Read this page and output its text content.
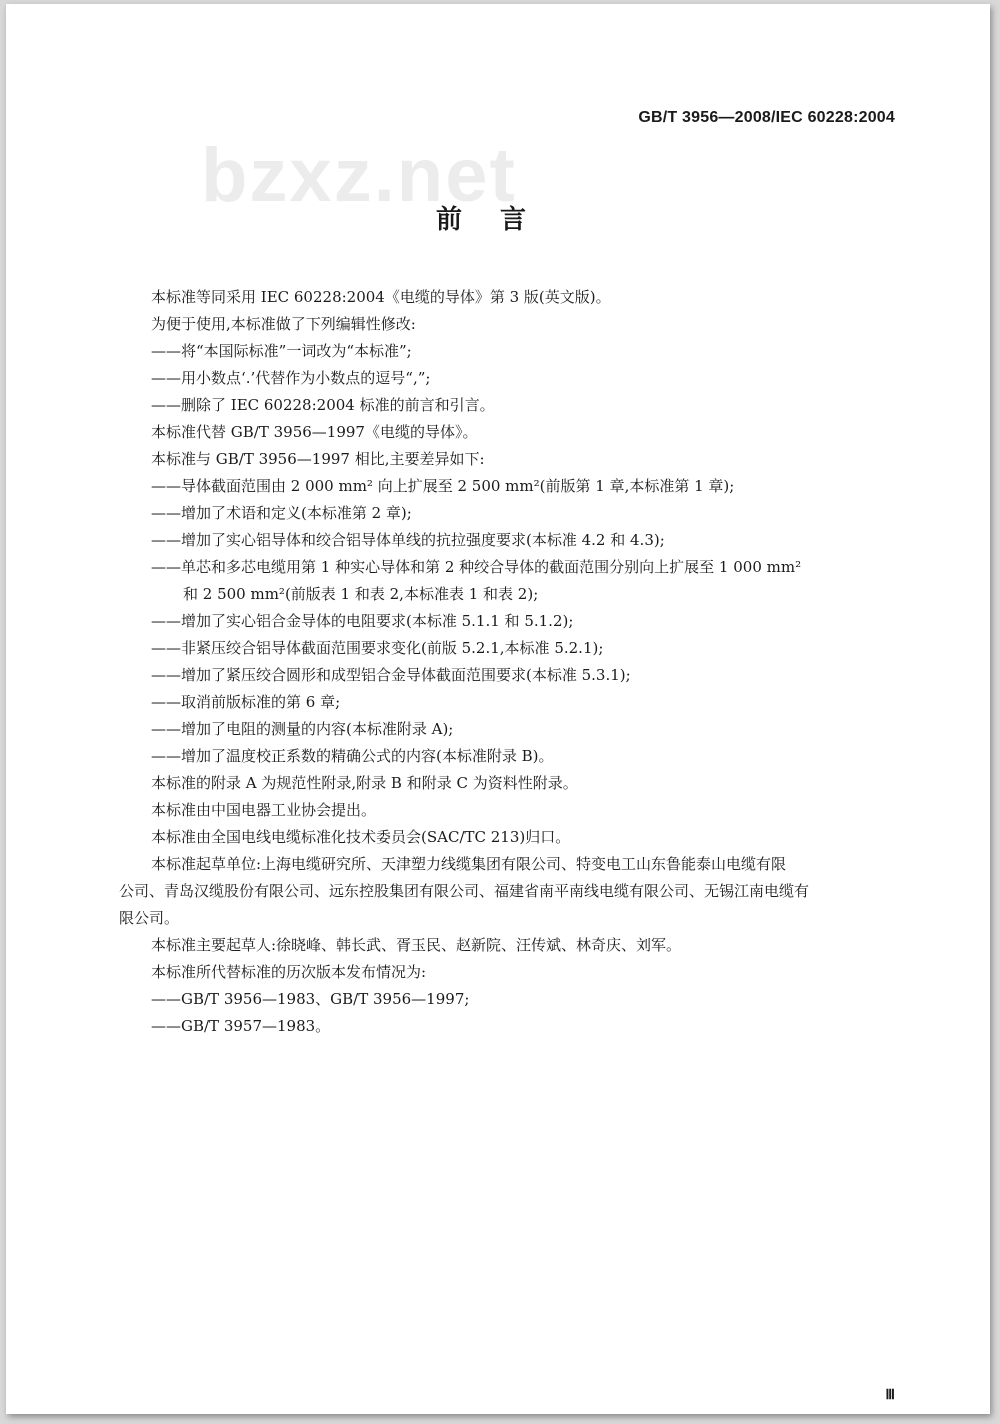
bzxz.net
GB/T 3956—2008/IEC 60228:2004
前言
本标准等同采用 IEC 60228:2004《电缆的导体》第 3 版(英文版)。
为便于使用,本标准做了下列编辑性修改:
——将“本国际标准”一词改为“本标准”;
——用小数点‘.’代替作为小数点的逗号“,”;
——删除了 IEC 60228:2004 标准的前言和引言。
本标准代替 GB/T 3956—1997《电缆的导体》。
本标准与 GB/T 3956—1997 相比,主要差异如下:
——导体截面范围由 2 000 mm² 向上扩展至 2 500 mm²(前版第 1 章,本标准第 1 章);
——增加了术语和定义(本标准第 2 章);
——增加了实心铝导体和绞合铝导体单线的抗拉强度要求(本标准 4.2 和 4.3);
——单芯和多芯电缆用第 1 种实心导体和第 2 种绞合导体的截面范围分别向上扩展至 1 000 mm²
和 2 500 mm²(前版表 1 和表 2,本标准表 1 和表 2);
——增加了实心铝合金导体的电阻要求(本标准 5.1.1 和 5.1.2);
——非紧压绞合铝导体截面范围要求变化(前版 5.2.1,本标准 5.2.1);
——增加了紧压绞合圆形和成型铝合金导体截面范围要求(本标准 5.3.1);
——取消前版标准的第 6 章;
——增加了电阻的测量的内容(本标准附录 A);
——增加了温度校正系数的精确公式的内容(本标准附录 B)。
本标准的附录 A 为规范性附录,附录 B 和附录 C 为资料性附录。
本标准由中国电器工业协会提出。
本标准由全国电线电缆标准化技术委员会(SAC/TC 213)归口。
本标准起草单位:上海电缆研究所、天津塑力线缆集团有限公司、特变电工山东鲁能泰山电缆有限
公司、青岛汉缆股份有限公司、远东控股集团有限公司、福建省南平南线电缆有限公司、无锡江南电缆有
限公司。
本标准主要起草人:徐晓峰、韩长武、胥玉民、赵新院、汪传斌、林奇庆、刘军。
本标准所代替标准的历次版本发布情况为:
——GB/T 3956—1983、GB/T 3956—1997;
——GB/T 3957—1983。
Ⅲ
